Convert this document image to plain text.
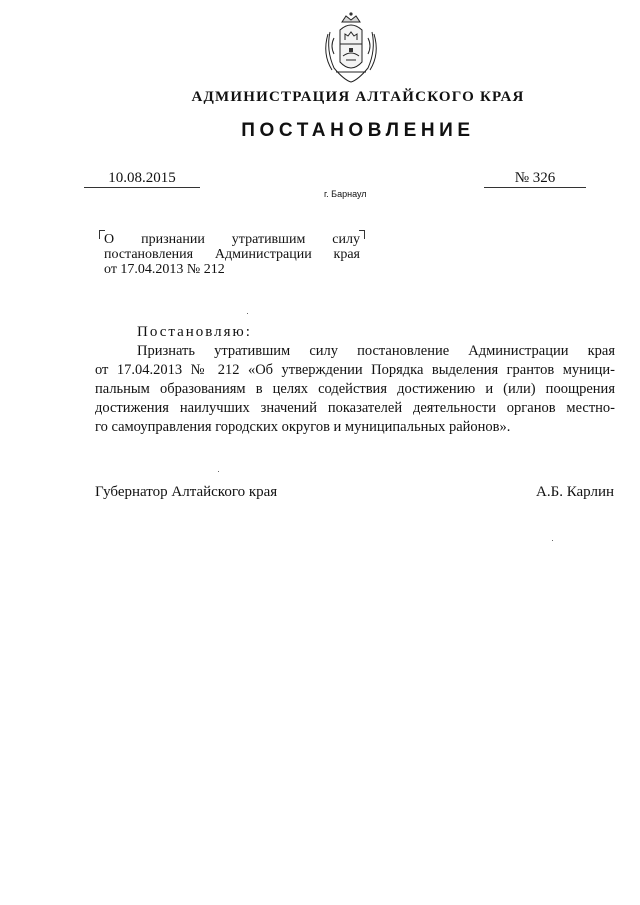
АДМИНИСТРАЦИЯ АЛТАЙСКОГО КРАЯ
ПОСТАНОВЛЕНИЕ
10.08.2015	№ 326
г. Барнаул
О признании утратившим силу
постановления Администрации края
от 17.04.2013 № 212
Постановляю:
Признать утратившим силу постановление Администрации края
от 17.04.2013 № 212 «Об утверждении Порядка выделения грантов муници-
пальным образованиям в целях содействия достижению и (или) поощрения
достижения наилучших значений показателей деятельности органов местно-
го самоуправления городских округов и муниципальных районов».
Губернатор Алтайского края	А.Б. Карлин
